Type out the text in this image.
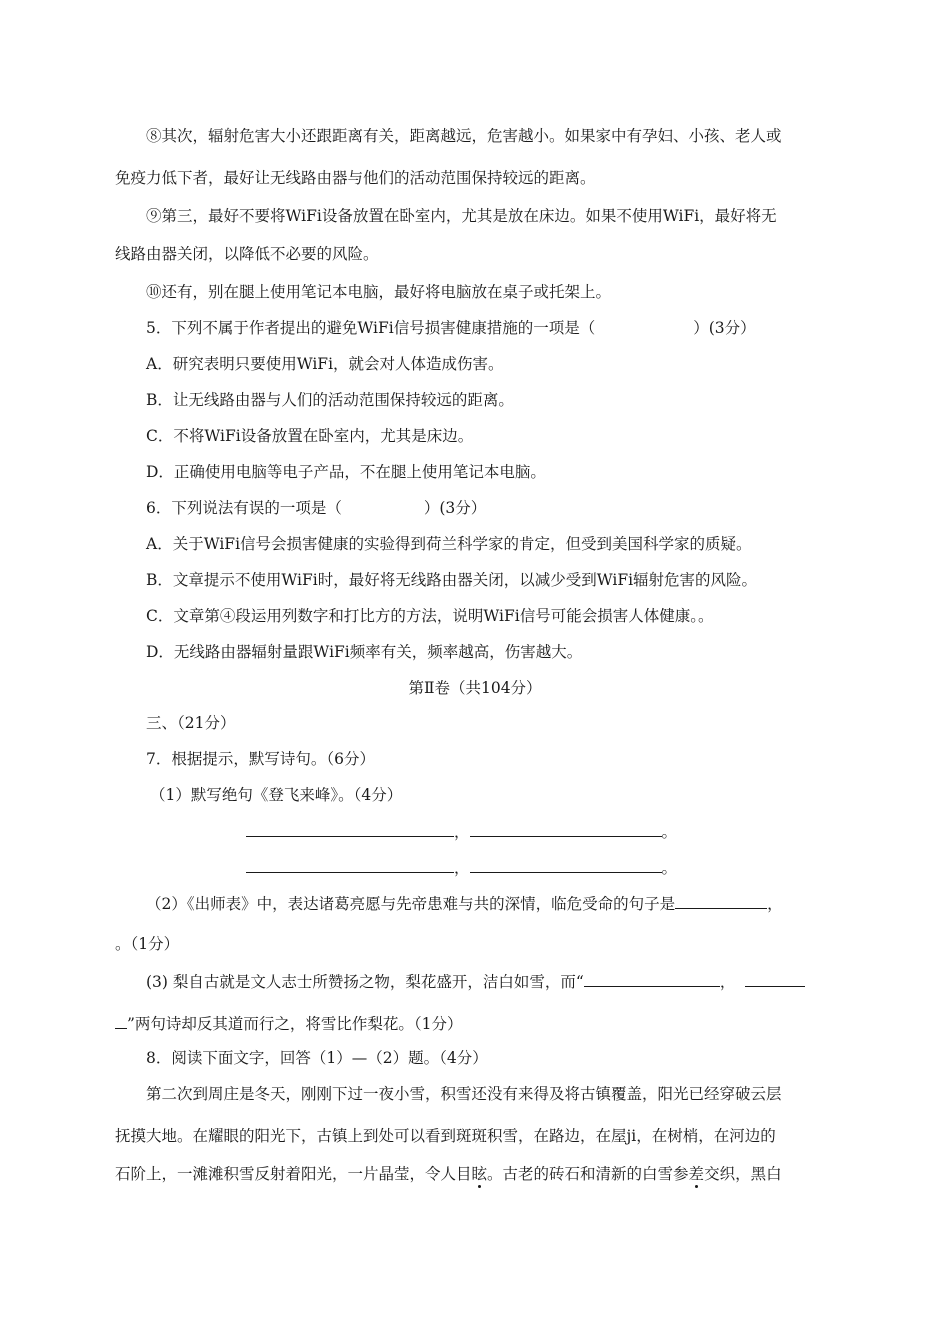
⑧其次，辐射危害大小还跟距离有关，距离越远，危害越小。如果家中有孕妇、小孩、老人或
免疫力低下者，最好让无线路由器与他们的活动范围保持较远的距离。
⑨第三，最好不要将WiFi设备放置在卧室内，尤其是放在床边。如果不使用WiFi，最好将无
线路由器关闭，以降低不必要的风险。
⑩还有，别在腿上使用笔记本电脑，最好将电脑放在桌子或托架上。
5．下列不属于作者提出的避免WiFi信号损害健康措施的一项是（	）(3分）
A．研究表明只要使用WiFi，就会对人体造成伤害。
B．让无线路由器与人们的活动范围保持较远的距离。
C．不将WiFi设备放置在卧室内，尤其是床边。
D．正确使用电脑等电子产品，不在腿上使用笔记本电脑。
6．下列说法有误的一项是（	）(3分）
A．关于WiFi信号会损害健康的实验得到荷兰科学家的肯定，但受到美国科学家的质疑。
B．文章提示不使用WiFi时，最好将无线路由器关闭，以减少受到WiFi辐射危害的风险。
C．文章第④段运用列数字和打比方的方法，说明WiFi信号可能会损害人体健康。。
D．无线路由器辐射量跟WiFi频率有关，频率越高，伤害越大。
第Ⅱ卷（共104分）
三、（21分）
7．根据提示，默写诗句。（6分）
（1）默写绝句《登飞来峰》。（4分）
，	。
，	。
（2）《出师表》中，表达诸葛亮愿与先帝患难与共的深情，临危受命的句子是	，
。（1分）
(3) 梨自古就是文人志士所赞扬之物，梨花盛开，洁白如雪，而“	，
”两句诗却反其道而行之，将雪比作梨花。（1分）
8．阅读下面文字，回答（1）—（2）题。（4分）
第二次到周庄是冬天，刚刚下过一夜小雪，积雪还没有来得及将古镇覆盖，阳光已经穿破云层
抚摸大地。在耀眼的阳光下，古镇上到处可以看到斑斑积雪，在路边，在屋ji，在树梢，在河边的
石阶上，一滩滩积雪反射着阳光，一片晶莹，令人目眩。古老的砖石和清新的白雪参差交织，黑白
